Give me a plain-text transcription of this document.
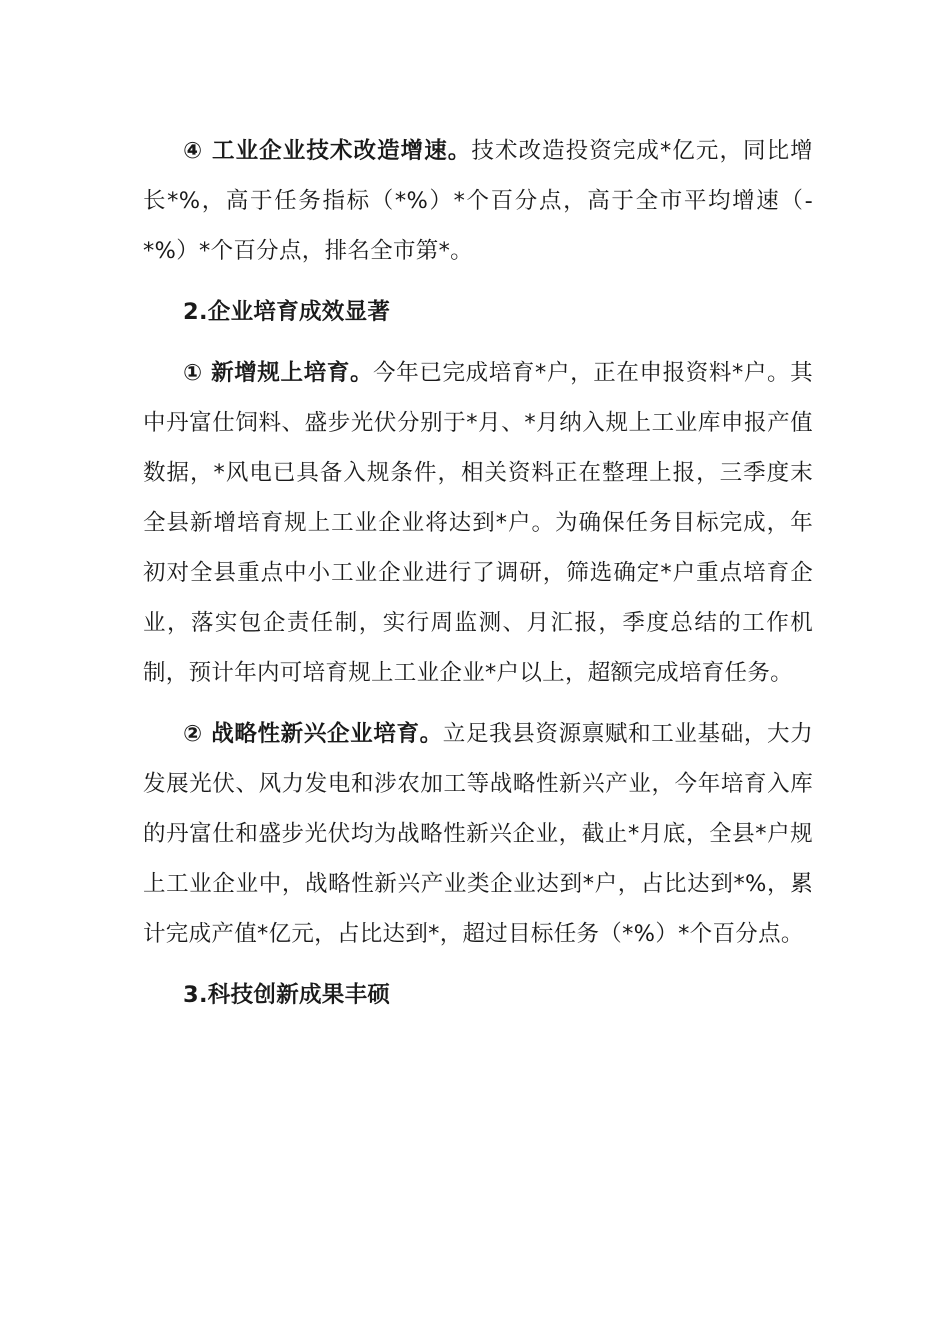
④ 工业企业技术改造增速。技术改造投资完成*亿元，同比增长*%，高于任务指标（*%）*个百分点，高于全市平均增速（-*%）*个百分点，排名全市第*。

2.企业培育成效显著

① 新增规上培育。今年已完成培育*户，正在申报资料*户。其中丹富仕饲料、盛步光伏分别于*月、*月纳入规上工业库申报产值数据，*风电已具备入规条件，相关资料正在整理上报，三季度末全县新增培育规上工业企业将达到*户。为确保任务目标完成，年初对全县重点中小工业企业进行了调研，筛选确定*户重点培育企业，落实包企责任制，实行周监测、月汇报，季度总结的工作机制，预计年内可培育规上工业企业*户以上，超额完成培育任务。

② 战略性新兴企业培育。立足我县资源禀赋和工业基础，大力发展光伏、风力发电和涉农加工等战略性新兴产业，今年培育入库的丹富仕和盛步光伏均为战略性新兴企业，截止*月底，全县*户规上工业企业中，战略性新兴产业类企业达到*户，占比达到*%，累计完成产值*亿元，占比达到*，超过目标任务（*%）*个百分点。

3.科技创新成果丰硕
